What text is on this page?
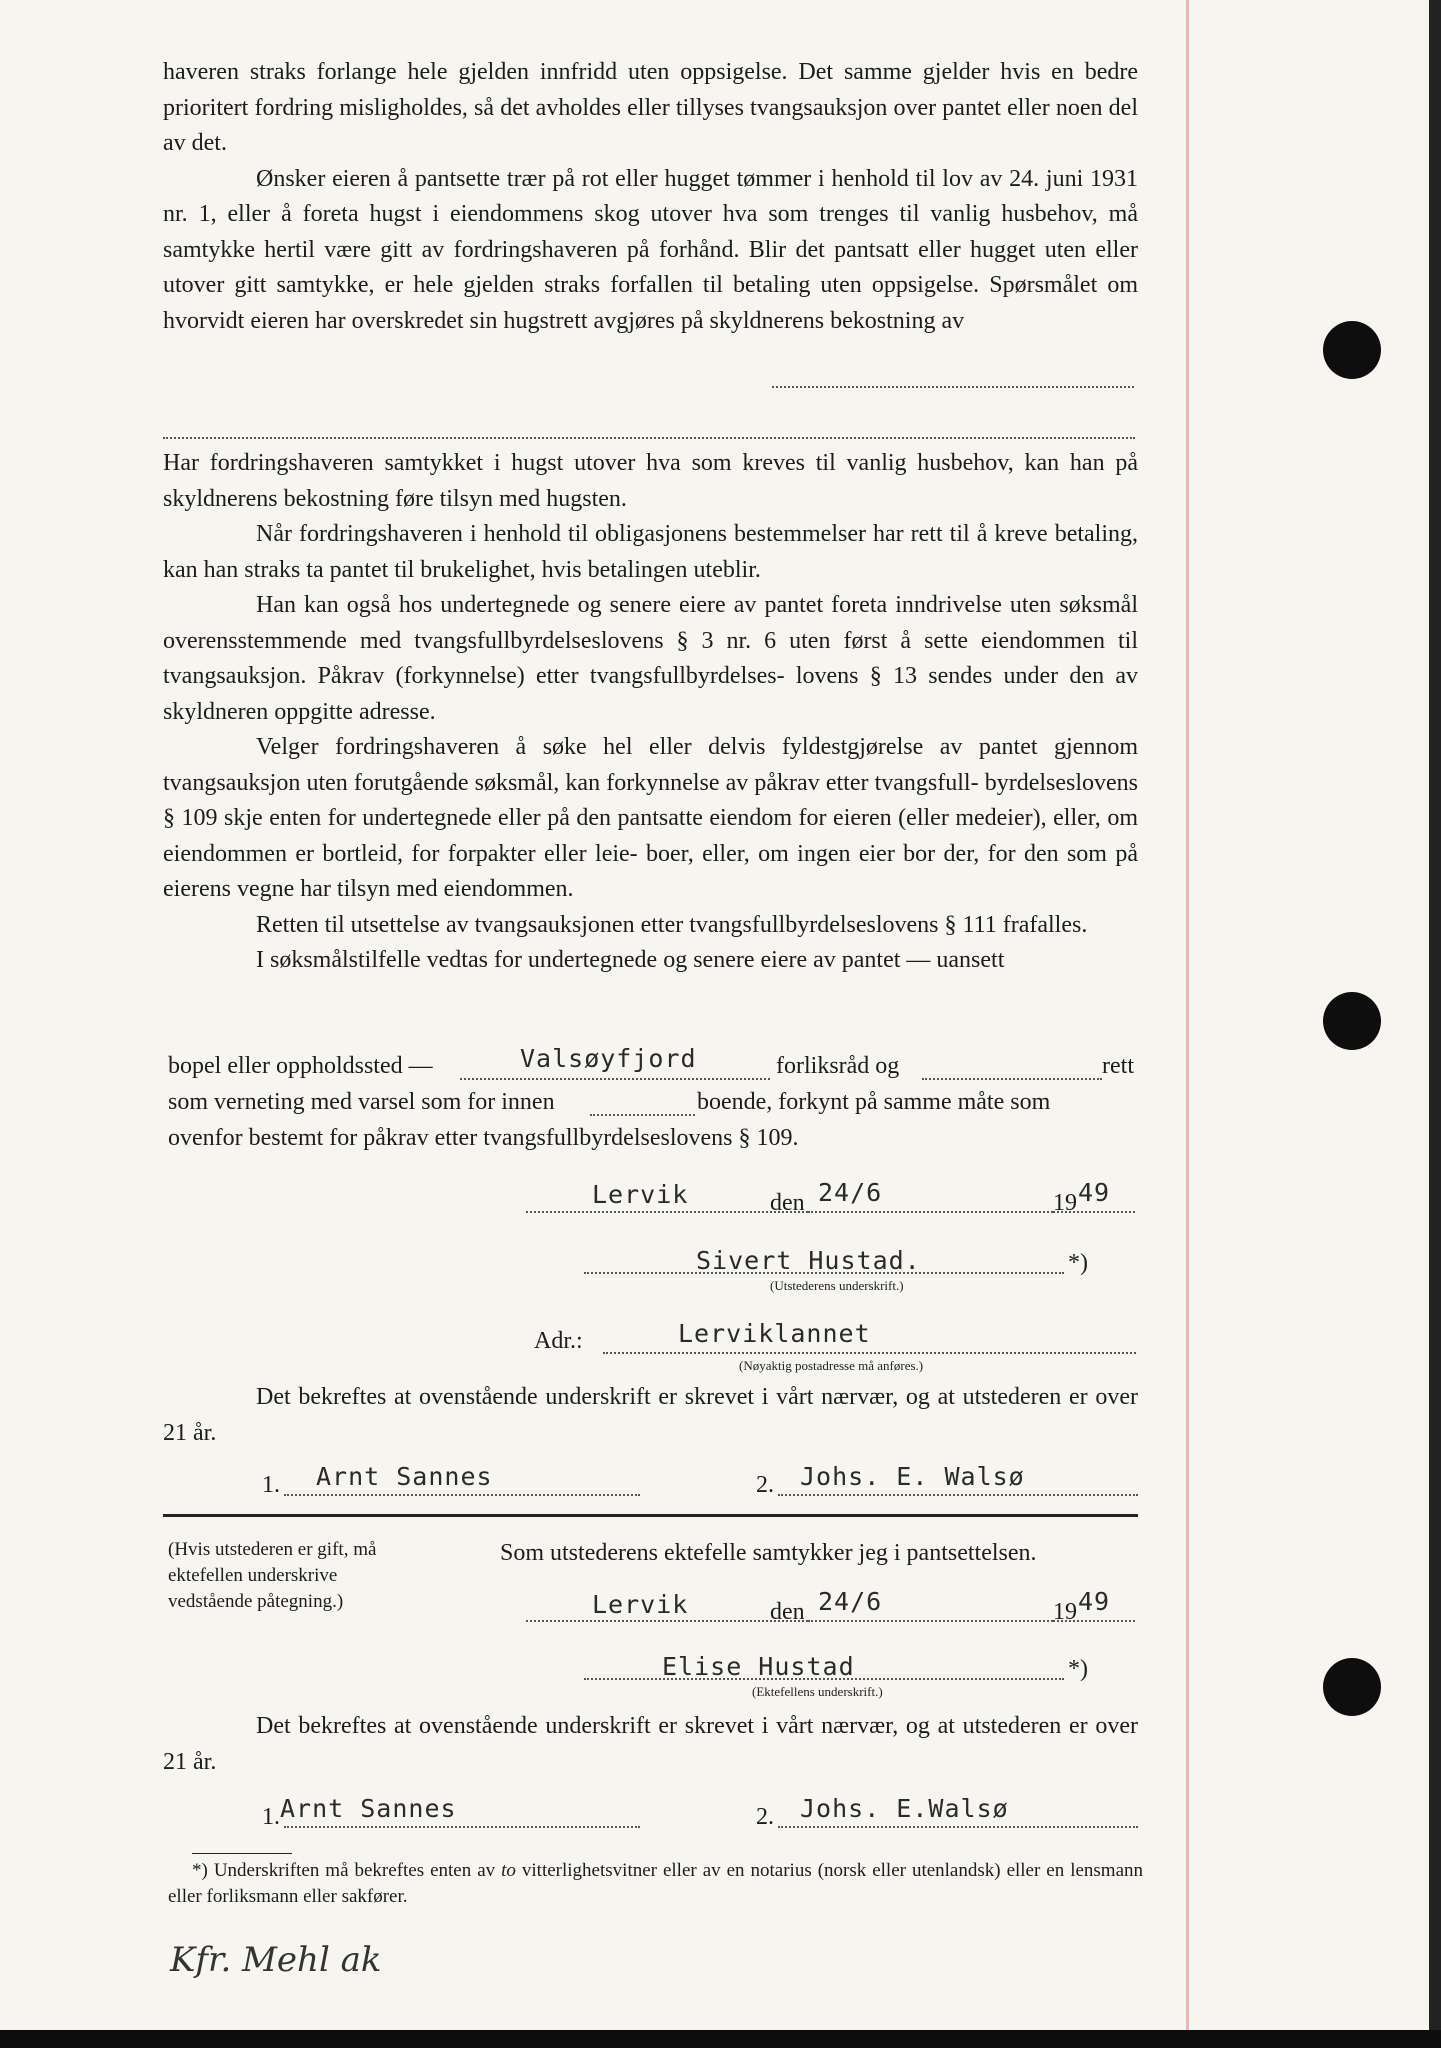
haveren straks forlange hele gjelden innfridd uten oppsigelse. Det samme gjelder hvis en bedre prioritert fordring misligholdes, så det avholdes eller tillyses tvangsauksjon over pantet eller noen del av det.

Ønsker eieren å pantsette trær på rot eller hugget tømmer i henhold til lov av 24. juni 1931 nr. 1, eller å foreta hugst i eiendommens skog utover hva som trenges til vanlig husbehov, må samtykke hertil være gitt av fordringshaveren på forhånd. Blir det pantsatt eller hugget uten eller utover gitt samtykke, er hele gjelden straks forfallen til betaling uten oppsigelse. Spørsmålet om hvorvidt eieren har overskredet sin hugstrett avgjøres på skyldnerens bekostning av

Har fordringshaveren samtykket i hugst utover hva som kreves til vanlig husbehov, kan han på skyldnerens bekostning føre tilsyn med hugsten.

Når fordringshaveren i henhold til obligasjonens bestemmelser har rett til å kreve betaling, kan han straks ta pantet til brukelighet, hvis betalingen uteblir.

Han kan også hos undertegnede og senere eiere av pantet foreta inndrivelse uten søksmål overensstemmende med tvangsfullbyrdelseslovens § 3 nr. 6 uten først å sette eiendommen til tvangsauksjon. Påkrav (forkynnelse) etter tvangsfullbyrdelses- lovens § 13 sendes under den av skyldneren oppgitte adresse.

Velger fordringshaveren å søke hel eller delvis fyldestgjørelse av pantet gjennom tvangsauksjon uten forutgående søksmål, kan forkynnelse av påkrav etter tvangsfull- byrdelseslovens § 109 skje enten for undertegnede eller på den pantsatte eiendom for eieren (eller medeier), eller, om eiendommen er bortleid, for forpakter eller leie- boer, eller, om ingen eier bor der, for den som på eierens vegne har tilsyn med eiendommen.

Retten til utsettelse av tvangsauksjonen etter tvangsfullbyrdelseslovens § 111 frafalles.

I søksmålstilfelle vedtas for undertegnede og senere eiere av pantet — uansett

bopel eller oppholdssted —	Valsøyfjord	forliksråd og	rett
som verneting med varsel som for innen	boende, forkynt på samme måte som
ovenfor bestemt for påkrav etter tvangsfullbyrdelseslovens § 109.
Lervik	den 24/6	19 49
Sivert Hustad.	*)
(Utstederens underskrift.)
Adr.:	Lerviklannet
(Nøyaktig postadresse må anføres.)

Det bekreftes at ovenstående underskrift er skrevet i vårt nærvær, og at utstederen er over 21 år.

1. Arnt Sannes	2. Johs. E. Walsø
(Hvis utstederen er gift, må ektefellen underskrive vedstående påtegning.)
Som utstederens ektefelle samtykker jeg i pantsettelsen.
Lervik	den 24/6	19 49
Elise Hustad	*)
(Ektefellens underskrift.)

Det bekreftes at ovenstående underskrift er skrevet i vårt nærvær, og at utstederen er over 21 år.

1. Arnt Sannes	2. Johs. E.Walsø
*) Underskriften må bekreftes enten av to vitterlighetsvitner eller av en notarius (norsk eller utenlandsk) eller en lensmann eller forliksmann eller sakfører.
Kfr. Mehl ak
